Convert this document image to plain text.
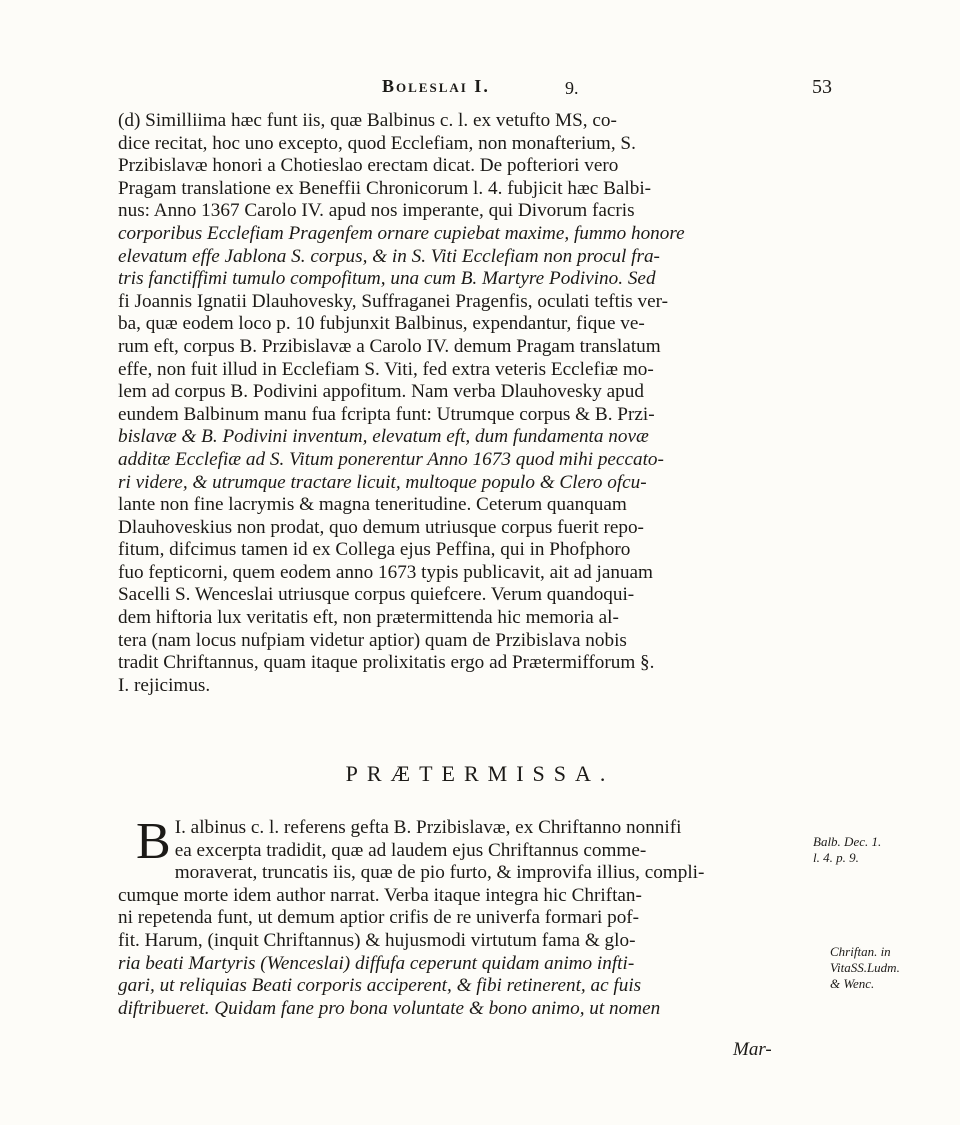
Boleslai I.	9.	53
(d) Similliima hæc funt iis, quæ Balbinus c. l. ex vetufto MS, co-
dice recitat, hoc uno excepto, quod Ecclefiam, non monafterium, S.
Przibislavæ honori a Chotieslao erectam dicat. De pofteriori vero
Pragam translatione ex Beneffii Chronicorum l. 4. fubjicit hæc Balbi-
nus: Anno 1367 Carolo IV. apud nos imperante, qui Divorum facris
corporibus Ecclefiam Pragenfem ornare cupiebat maxime, fummo honore
elevatum effe Jablona S. corpus, & in S. Viti Ecclefiam non procul fra-
tris fanctiffimi tumulo compofitum, una cum B. Martyre Podivino. Sed
fi Joannis Ignatii Dlauhovesky, Suffraganei Pragenfis, oculati teftis ver-
ba, quæ eodem loco p. 10 fubjunxit Balbinus, expendantur, fique ve-
rum eft, corpus B. Przibislavæ a Carolo IV. demum Pragam translatum
effe, non fuit illud in Ecclefiam S. Viti, fed extra veteris Ecclefiæ mo-
lem ad corpus B. Podivini appofitum. Nam verba Dlauhovesky apud
eundem Balbinum manu fua fcripta funt: Utrumque corpus & B. Przi-
bislavæ & B. Podivini inventum, elevatum eft, dum fundamenta novæ
additæ Ecclefiæ ad S. Vitum ponerentur Anno 1673 quod mihi peccato-
ri videre, & utrumque tractare licuit, multoque populo & Clero ofcu-
lante non fine lacrymis & magna teneritudine. Ceterum quanquam
Dlauhoveskius non prodat, quo demum utriusque corpus fuerit repo-
fitum, difcimus tamen id ex Collega ejus Peffina, qui in Phofphoro
fuo fepticorni, quem eodem anno 1673 typis publicavit, ait ad januam
Sacelli S. Wenceslai utriusque corpus quiefcere. Verum quandoqui-
dem hiftoria lux veritatis eft, non prætermittenda hic memoria al-
tera (nam locus nufpiam videtur aptior) quam de Przibislava nobis
tradit Chriftannus, quam itaque prolixitatis ergo ad Prætermifforum §.
I. rejicimus.
PRÆTERMISSA.
I.
B albinus c. l. referens gefta B. Przibislavæ, ex Chriftanno nonnifi
ea excerpta tradidit, quæ ad laudem ejus Chriftannus comme-
moraverat, truncatis iis, quæ de pio furto, & improvifa illius, compli-
cumque morte idem author narrat. Verba itaque integra hic Chriftan-
ni repetenda funt, ut demum aptior crifis de re univerfa formari pof-
fit. Harum, (inquit Chriftannus) & hujusmodi virtutum fama & glo-
ria beati Martyris (Wenceslai) diffufa ceperunt quidam animo infti-
gari, ut reliquias Beati corporis acciperent, & fibi retinerent, ac fuis
diftribueret. Quidam fane pro bona voluntate & bono animo, ut nomen
Balb. Dec. 1.
l. 4. p. 9.
Chriftan. in
VitaSS.Ludm.
& Wenc.
Mar-
